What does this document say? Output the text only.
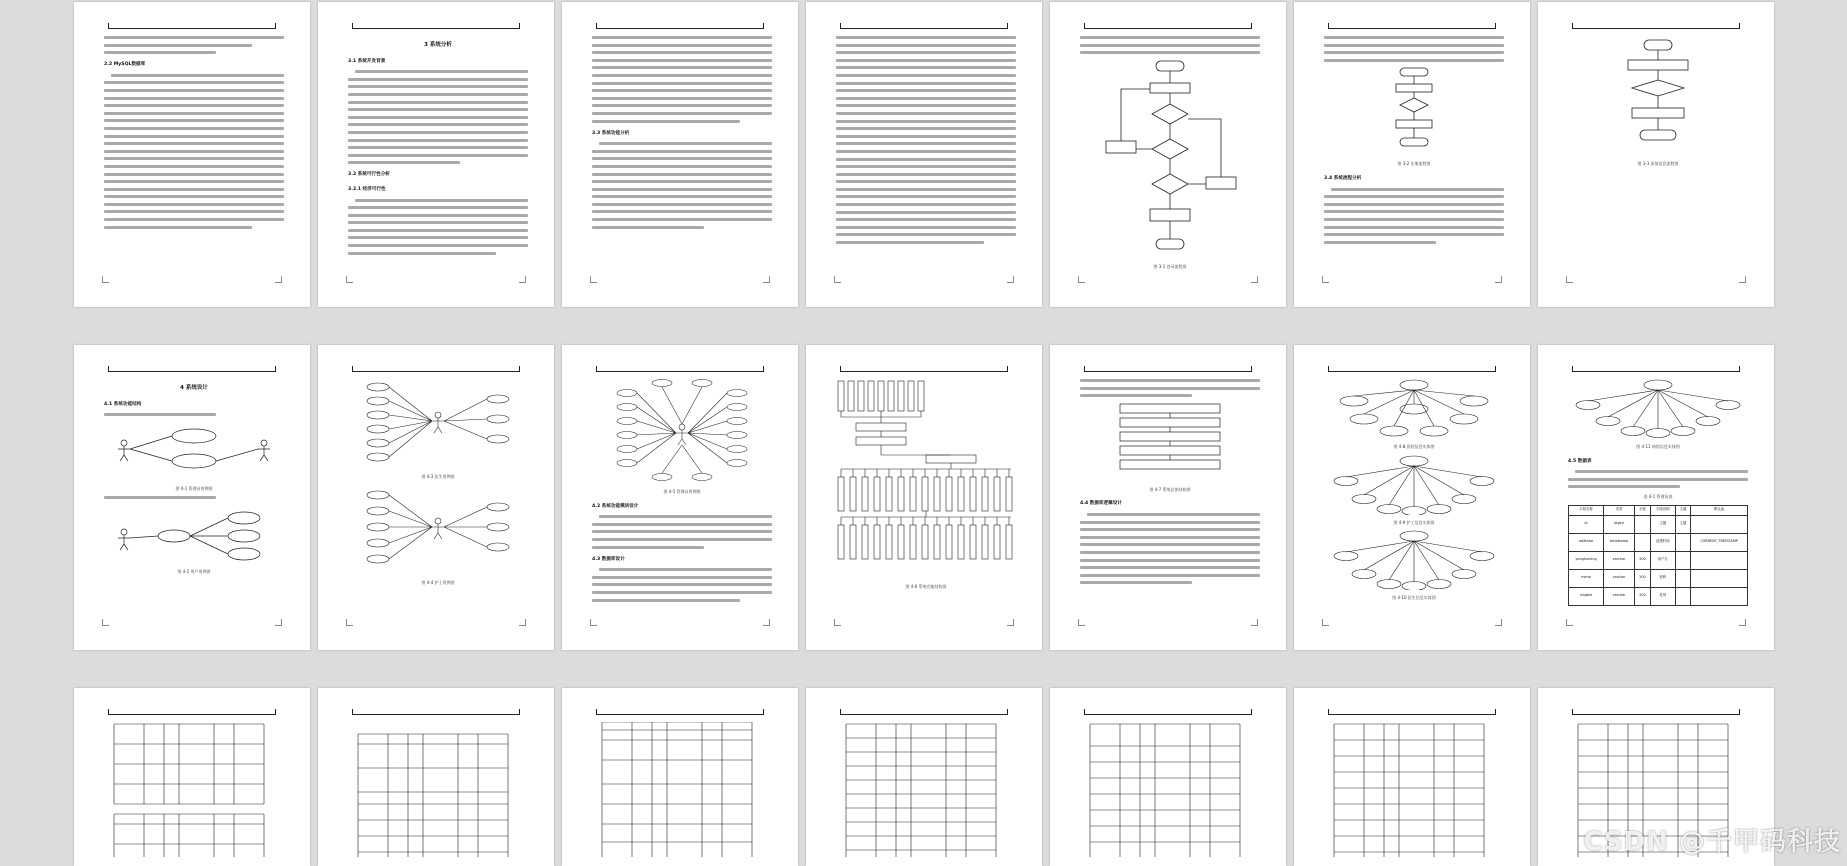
2.2 MySQL数据库
3 系统分析
3.1 系统开发背景
3.2 系统可行性分析
3.2.1 经济可行性
3.3 系统功能分析
图 3-1 登录流程图
图 3-2 注册流程图
3.4 系统流程分析
图 3-3 添加信息流程图
4 系统设计
4.1 系统功能结构
图 4-1 管理员用例图
图 4-2 用户用例图
图 4-3 医生用例图
图 4-4 护士用例图
图 4-5 管理员用例图
4.2 系统功能模块设计
4.3 数据库设计
图 4-6 系统功能结构图
图 4-7 系统总体结构图
4.4 数据库逻辑设计
图 4-8 医院信息实体图
图 4-9 护工信息实体图
图 4-10 医生信息实体图
图 4-11 病房信息实体图
4.5 数据表
表 4-1 管理员表
字段名称	类型	长度	字段说明	主键	默认值
id	bigint		主键	主键	
addtime	timestamp		创建时间		CURRENT_TIMESTAMP
yonghuming	varchar	200	用户名		
mima	varchar	200	密码		
xingbie	varchar	200	性别		
CSDN @千甲码科技
